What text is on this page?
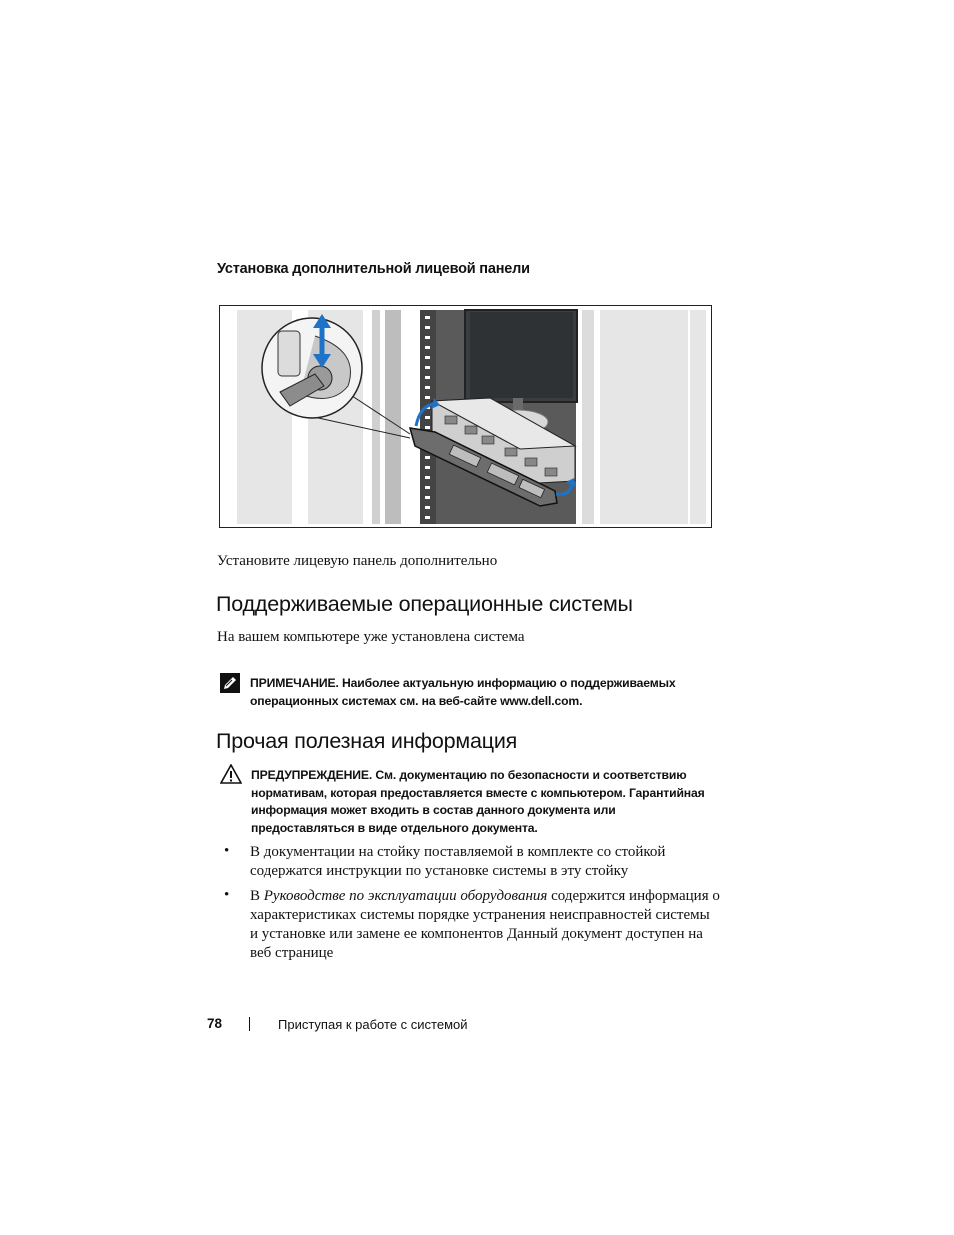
Установка дополнительной лицевой панели
Установите лицевую панель дополнительно
Поддерживаемые операционные системы
На вашем компьютере уже установлена система
ПРИМЕЧАНИЕ. Наиболее актуальную информацию о поддерживаемых операционных системах см. на веб-сайте www.dell.com.
Прочая полезная информация
ПРЕДУПРЕЖДЕНИЕ. См. документацию по безопасности и соответствию нормативам, которая предоставляется вместе с компьютером. Гарантийная информация может входить в состав данного документа или предоставляться в виде отдельного документа.
• В документации на стойку поставляемой в комплекте со стойкой содержатся инструкции по установке системы в эту стойку
• В Руководстве по эксплуатации оборудования содержится информация о характеристиках системы порядке устранения неисправностей системы и установке или замене ее компонентов Данный документ доступен на веб странице
78	Приступая к работе с системой
